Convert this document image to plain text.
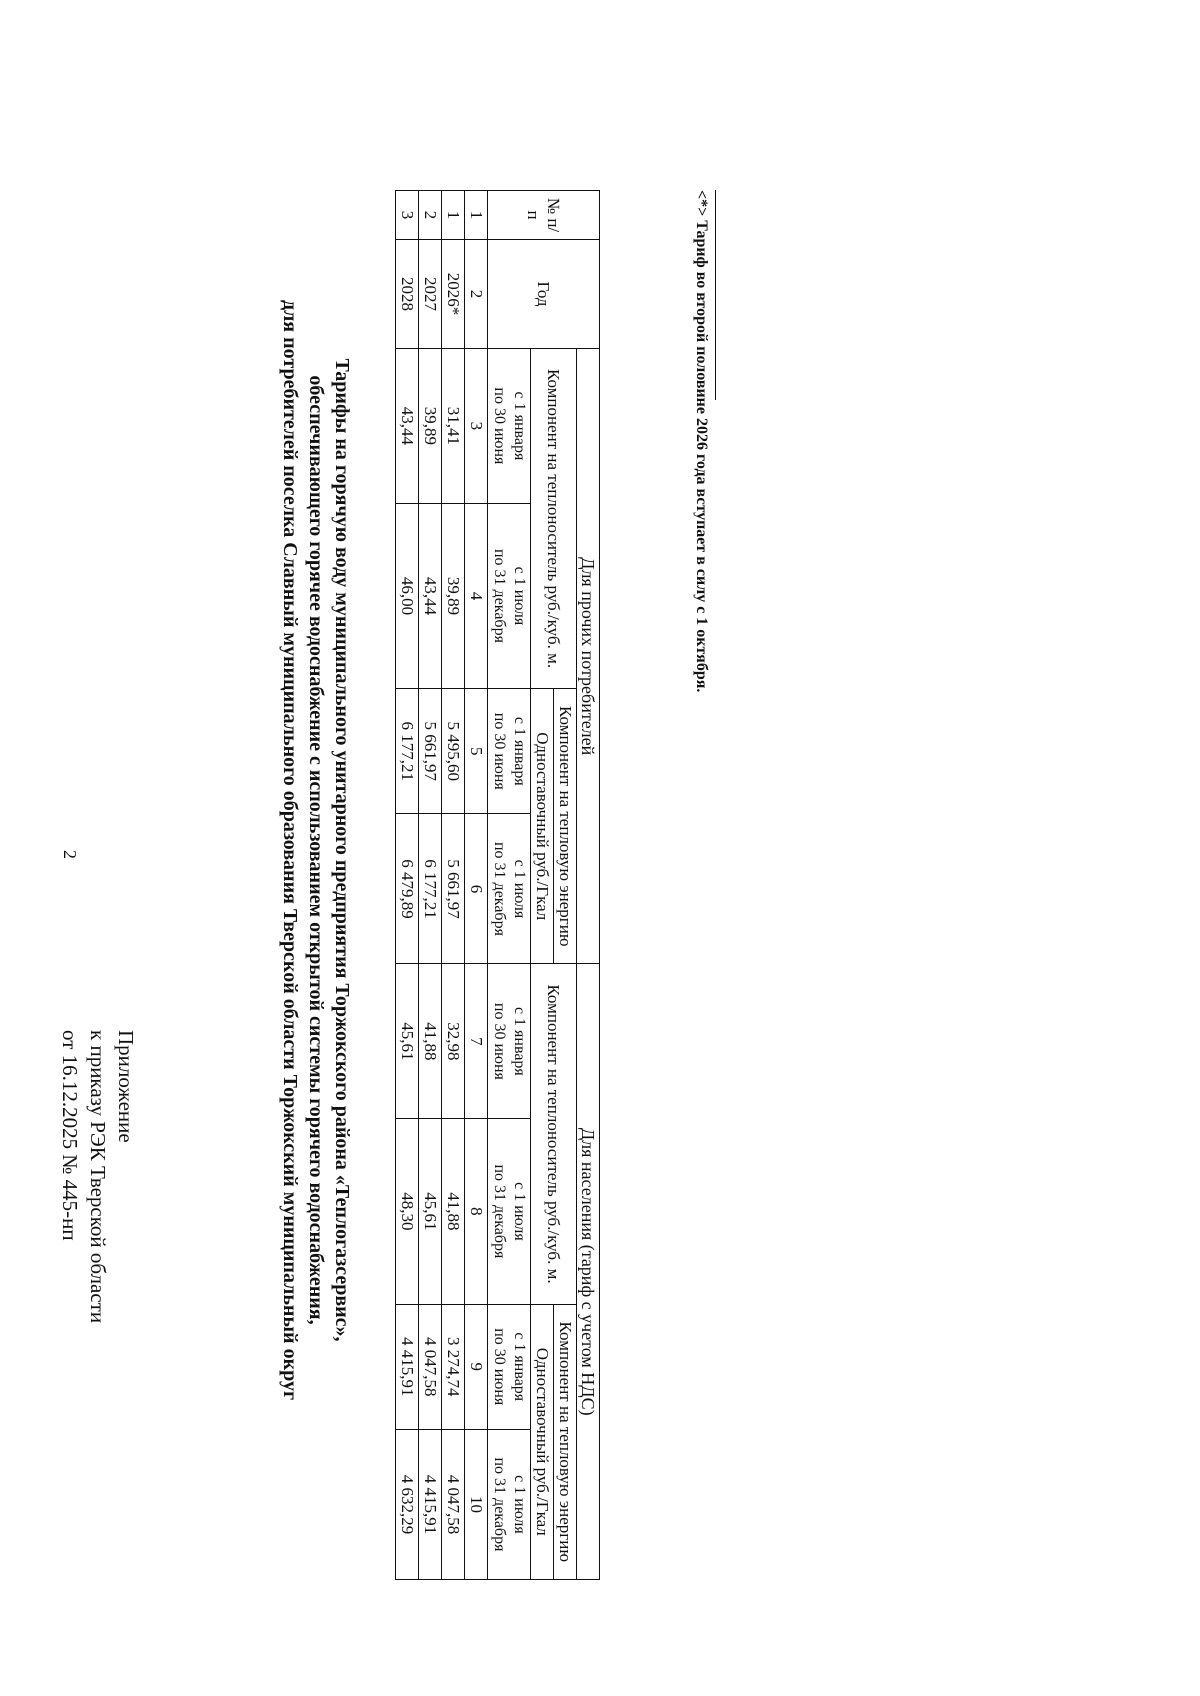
2
Приложение
к приказу РЭК Тверской области
от 16.12.2025 № 445-нп	Тарифы на горячую воду муниципального унитарного предприятия Торжокского района «Теплогазсервис»,
обеспечивающего горячее водоснабжение с использованием открытой системы горячего водоснабжения,
для потребителей поселка Славный муниципального образования Тверской области Торжокский муниципальный округ
№ п/п	Год	Для прочих потребителей				Для населения (тариф с учетом НДС)			
		Компонент на теплоноситель руб./куб. м.		Компонент на тепловую энергию		Компонент на теплоноситель руб./куб. м.		Компонент на тепловую энергию	
				Одноставочный руб./Гкал				Одноставочный руб./Гкал	
		с 1 января
по 30 июня	с 1 июля
по 31 декабря	с 1 января
по 30 июня	с 1 июля
по 31 декабря	с 1 января
по 30 июня	с 1 июля
по 31 декабря	с 1 января
по 30 июня	с 1 июля
по 31 декабря
1	2	3	4	5	6	7	8	9	10
1	2026*	31,41	39,89	5 495,60	5 661,97	32,98	41,88	3 274,74	4 047,58
2	2027	39,89	43,44	5 661,97	6 177,21	41,88	45,61	4 047,58	4 415,91
3	2028	43,44	46,00	6 177,21	6 479,89	45,61	48,30	4 415,91	4 632,29
<*> Тариф во второй половине 2026 года вступает в силу с 1 октября.
